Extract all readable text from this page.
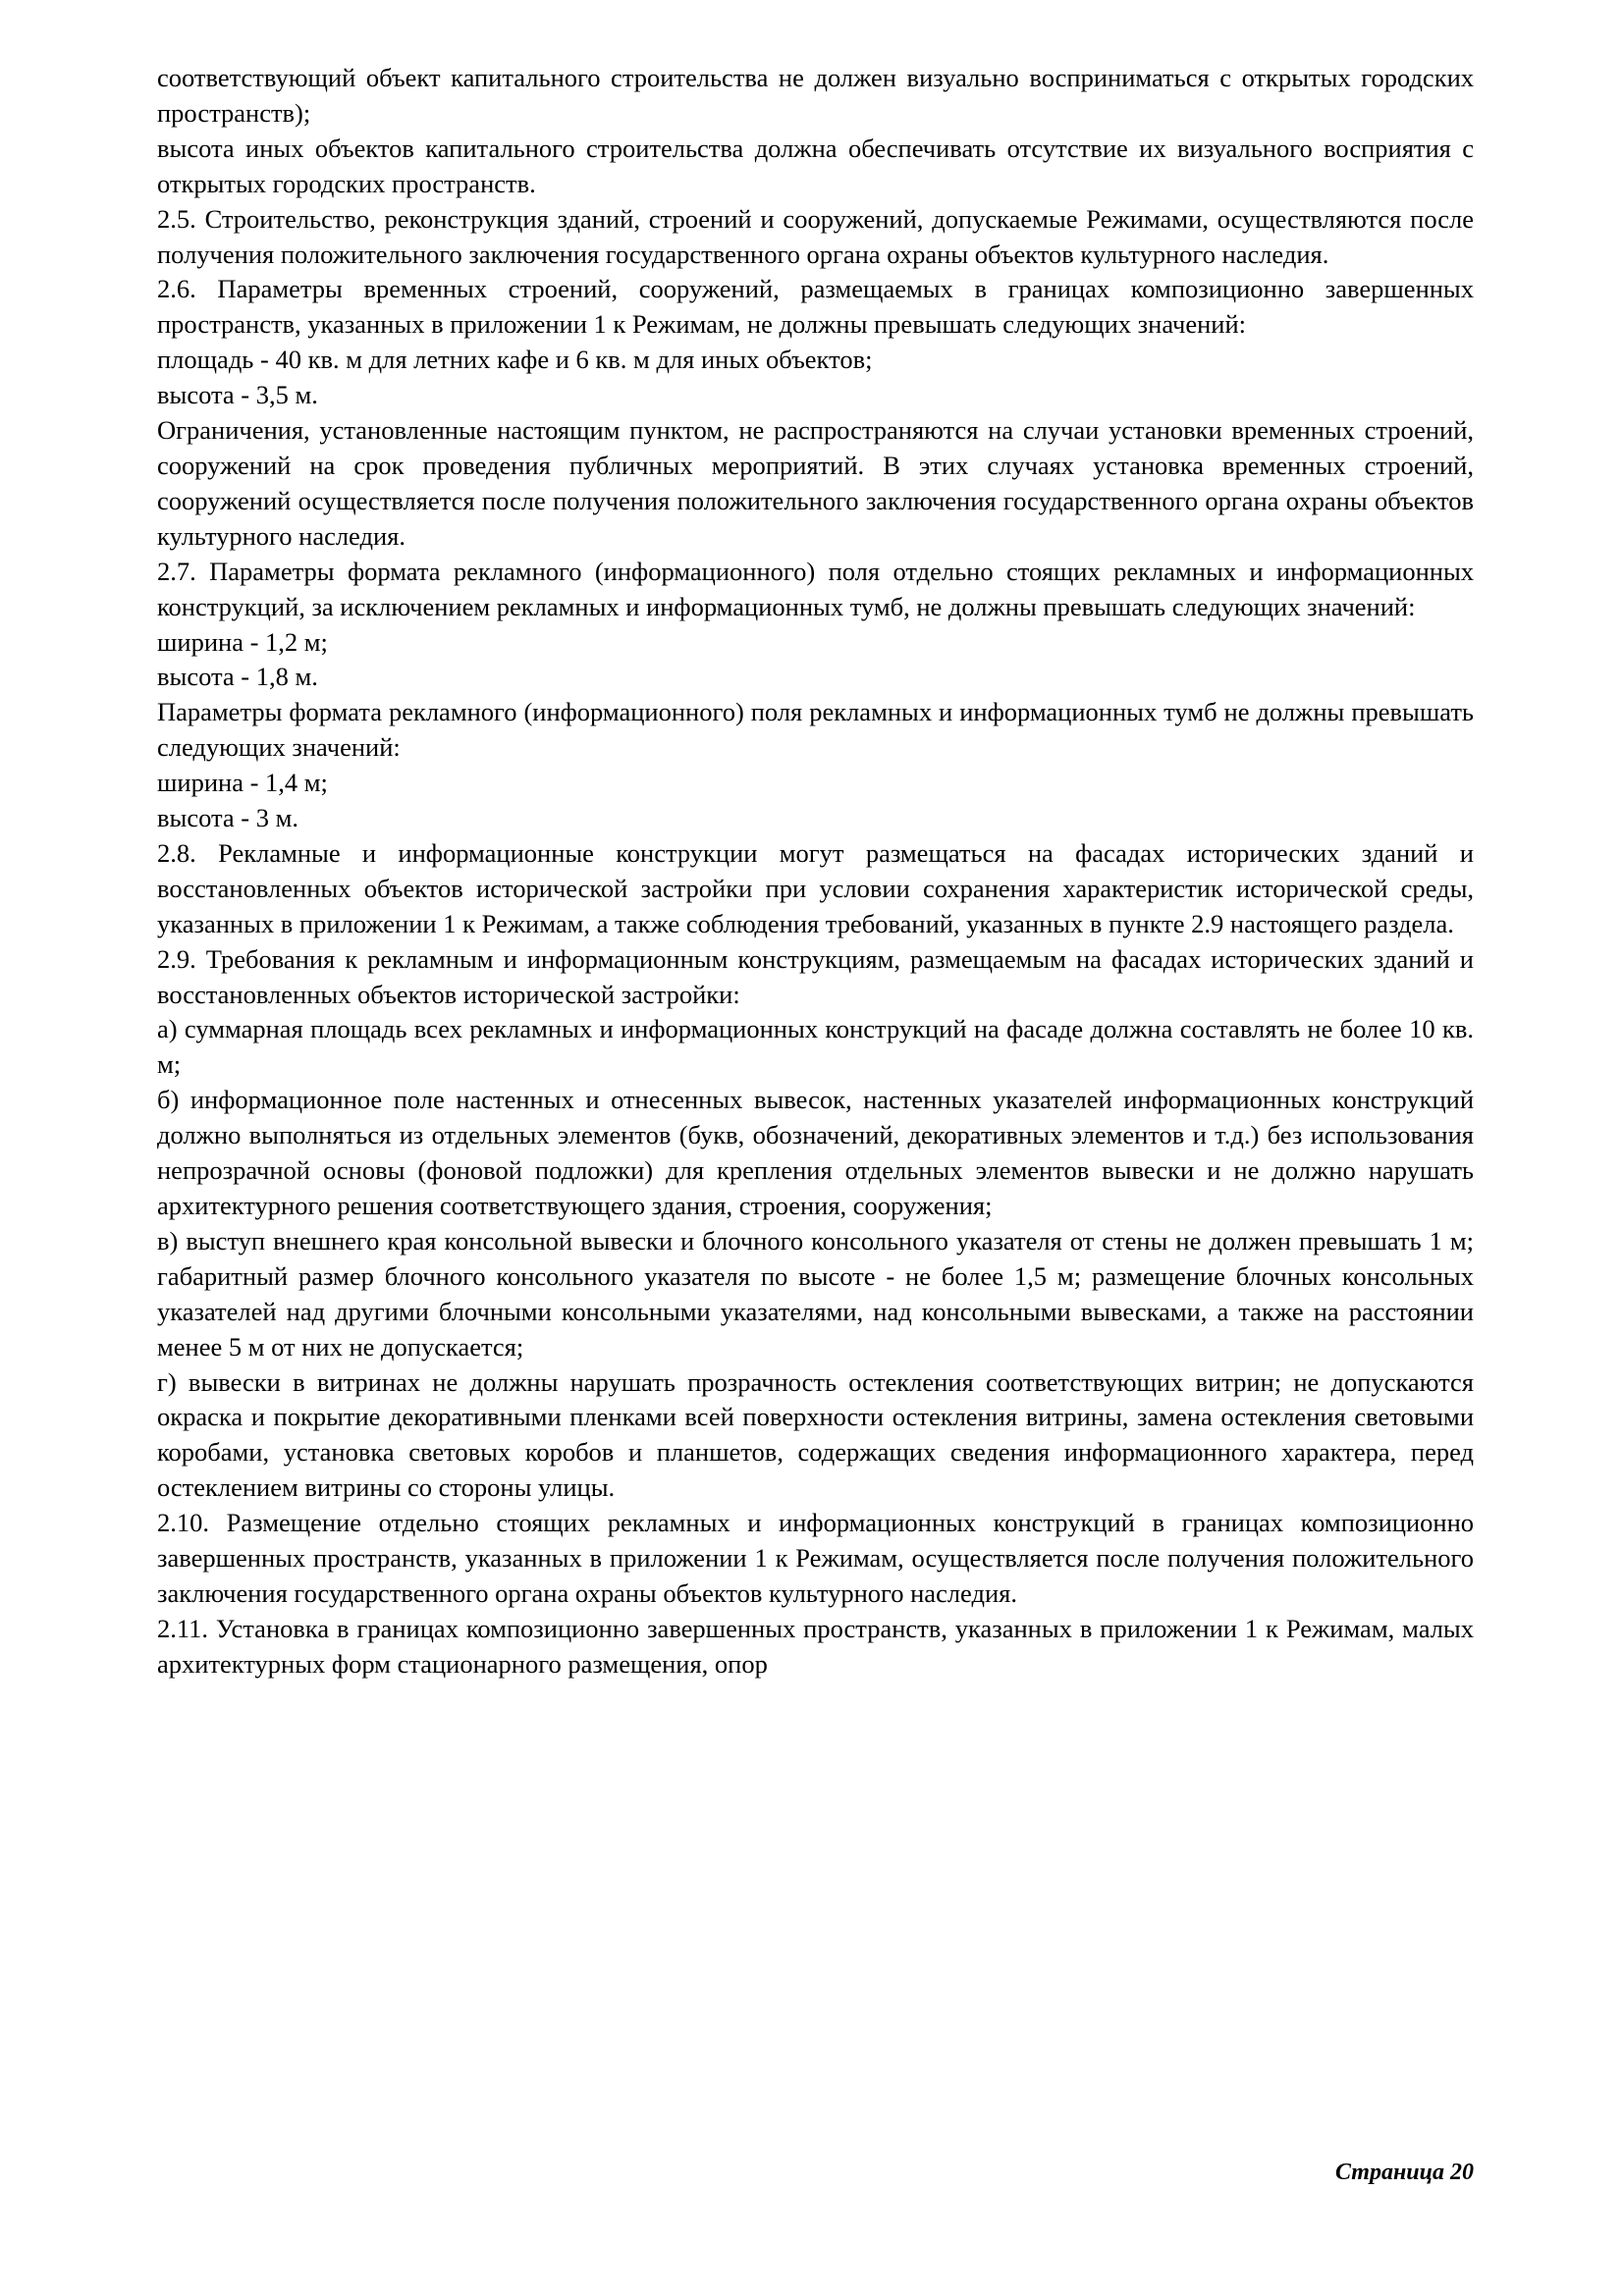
соответствующий объект капитального строительства не должен визуально восприниматься с открытых городских пространств);

высота иных объектов капитального строительства должна обеспечивать отсутствие их визуального восприятия с открытых городских пространств.

2.5. Строительство, реконструкция зданий, строений и сооружений, допускаемые Режимами, осуществляются после получения положительного заключения государственного органа охраны объектов культурного наследия.

2.6. Параметры временных строений, сооружений, размещаемых в границах композиционно завершенных пространств, указанных в приложении 1 к Режимам, не должны превышать следующих значений:

площадь - 40 кв. м для летних кафе и 6 кв. м для иных объектов;

высота - 3,5 м.

Ограничения, установленные настоящим пунктом, не распространяются на случаи установки временных строений, сооружений на срок проведения публичных мероприятий. В этих случаях установка временных строений, сооружений осуществляется после получения положительного заключения государственного органа охраны объектов культурного наследия.

2.7. Параметры формата рекламного (информационного) поля отдельно стоящих рекламных и информационных конструкций, за исключением рекламных и информационных тумб, не должны превышать следующих значений:

ширина - 1,2 м;

высота - 1,8 м.

Параметры формата рекламного (информационного) поля рекламных и информационных тумб не должны превышать следующих значений:

ширина - 1,4 м;

высота - 3 м.

2.8. Рекламные и информационные конструкции могут размещаться на фасадах исторических зданий и восстановленных объектов исторической застройки при условии сохранения характеристик исторической среды, указанных в приложении 1 к Режимам, а также соблюдения требований, указанных в пункте 2.9 настоящего раздела.

2.9. Требования к рекламным и информационным конструкциям, размещаемым на фасадах исторических зданий и восстановленных объектов исторической застройки:

а) суммарная площадь всех рекламных и информационных конструкций на фасаде должна составлять не более 10 кв. м;

б) информационное поле настенных и отнесенных вывесок, настенных указателей информационных конструкций должно выполняться из отдельных элементов (букв, обозначений, декоративных элементов и т.д.) без использования непрозрачной основы (фоновой подложки) для крепления отдельных элементов вывески и не должно нарушать архитектурного решения соответствующего здания, строения, сооружения;

в) выступ внешнего края консольной вывески и блочного консольного указателя от стены не должен превышать 1 м; габаритный размер блочного консольного указателя по высоте - не более 1,5 м; размещение блочных консольных указателей над другими блочными консольными указателями, над консольными вывесками, а также на расстоянии менее 5 м от них не допускается;

г) вывески в витринах не должны нарушать прозрачность остекления соответствующих витрин; не допускаются окраска и покрытие декоративными пленками всей поверхности остекления витрины, замена остекления световыми коробами, установка световых коробов и планшетов, содержащих сведения информационного характера, перед остеклением витрины со стороны улицы.

2.10. Размещение отдельно стоящих рекламных и информационных конструкций в границах композиционно завершенных пространств, указанных в приложении 1 к Режимам, осуществляется после получения положительного заключения государственного органа охраны объектов культурного наследия.

2.11. Установка в границах композиционно завершенных пространств, указанных в приложении 1 к Режимам, малых архитектурных форм стационарного размещения, опор

Страница 20
